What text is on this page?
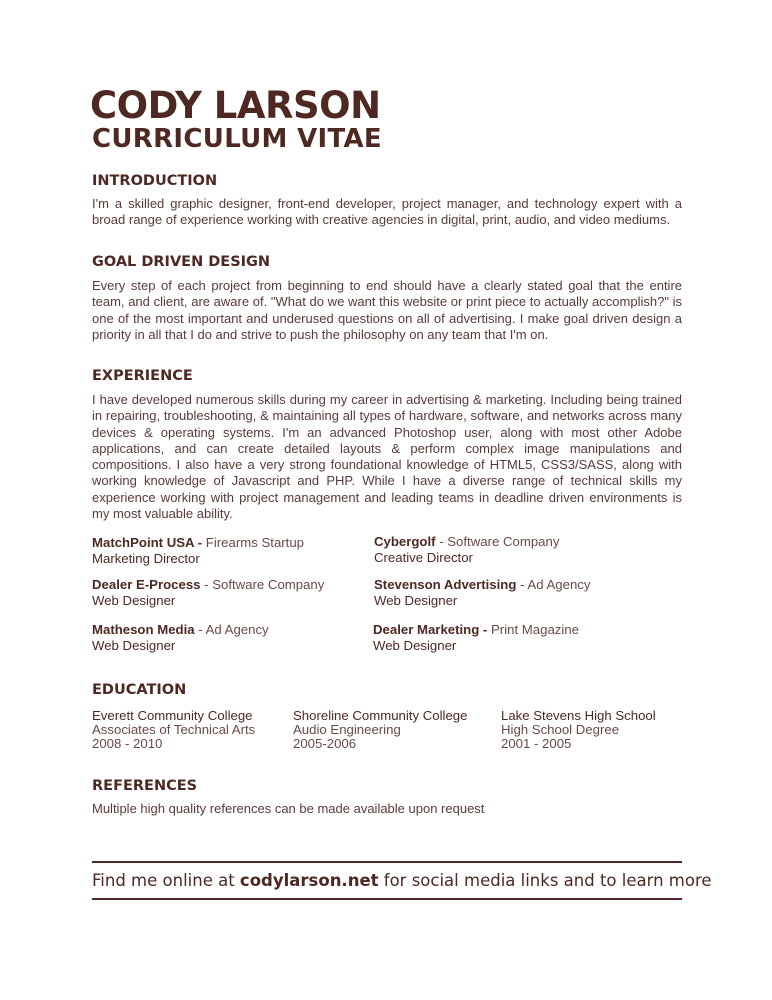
CODY LARSON
CURRICULUM VITAE
INTRODUCTION

I'm a skilled graphic designer, front-end developer, project manager, and technology expert with a broad range of experience working with creative agencies in digital, print, audio, and video mediums.

GOAL DRIVEN DESIGN

Every step of each project from beginning to end should have a clearly stated goal that the entire team, and client, are aware of. "What do we want this website or print piece to actually accomplish?" is one of the most important and underused questions on all of advertising. I make goal driven design a priority in all that I do and strive to push the philosophy on any team that I'm on.

EXPERIENCE

I have developed numerous skills during my career in advertising & marketing. Including being trained in repairing, troubleshooting, & maintaining all types of hardware, software, and networks across many devices & operating systems. I'm an advanced Photoshop user, along with most other Adobe applications, and can create detailed layouts & perform complex image manipulations and compositions. I also have a very strong foundational knowledge of HTML5, CSS3/SASS, along with working knowledge of Javascript and PHP. While I have a diverse range of technical skills my experience working with project management and leading teams in deadline driven environments is my most valuable ability.

MatchPoint USA - Firearms Startup
Marketing Director
Cybergolf - Software Company
Creative Director
Dealer E-Process - Software Company
Web Designer
Stevenson Advertising - Ad Agency
Web Designer
Matheson Media - Ad Agency
Web Designer
Dealer Marketing - Print Magazine
Web Designer
EDUCATION
Everett Community College
Associates of Technical Arts
2008 - 2010
Shoreline Community College
Audio Engineering
2005-2006
Lake Stevens High School
High School Degree
2001 - 2005
REFERENCES

Multiple high quality references can be made available upon request

Find me online at codylarson.net for social media links and to learn more
